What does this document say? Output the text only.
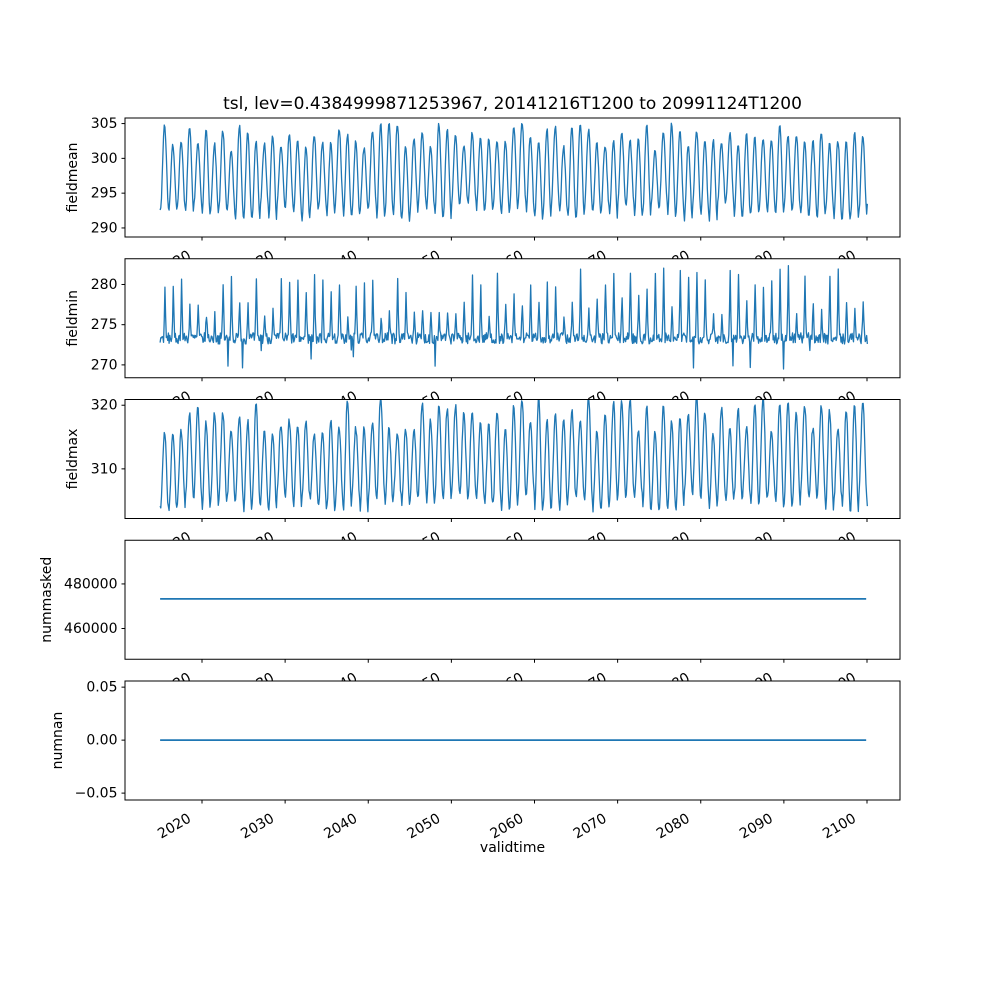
290
295
300
305
fieldmean
270
275
280
fieldmin
310
320
fieldmax
460000
480000
nummasked
−0.05
0.00
0.05
numnan
2020	2030	2040	2050	2060	2070	2080	2090	2100
validtime
tsl, lev=0.4384999871253967, 20141216T1200 to 20991124T1200
